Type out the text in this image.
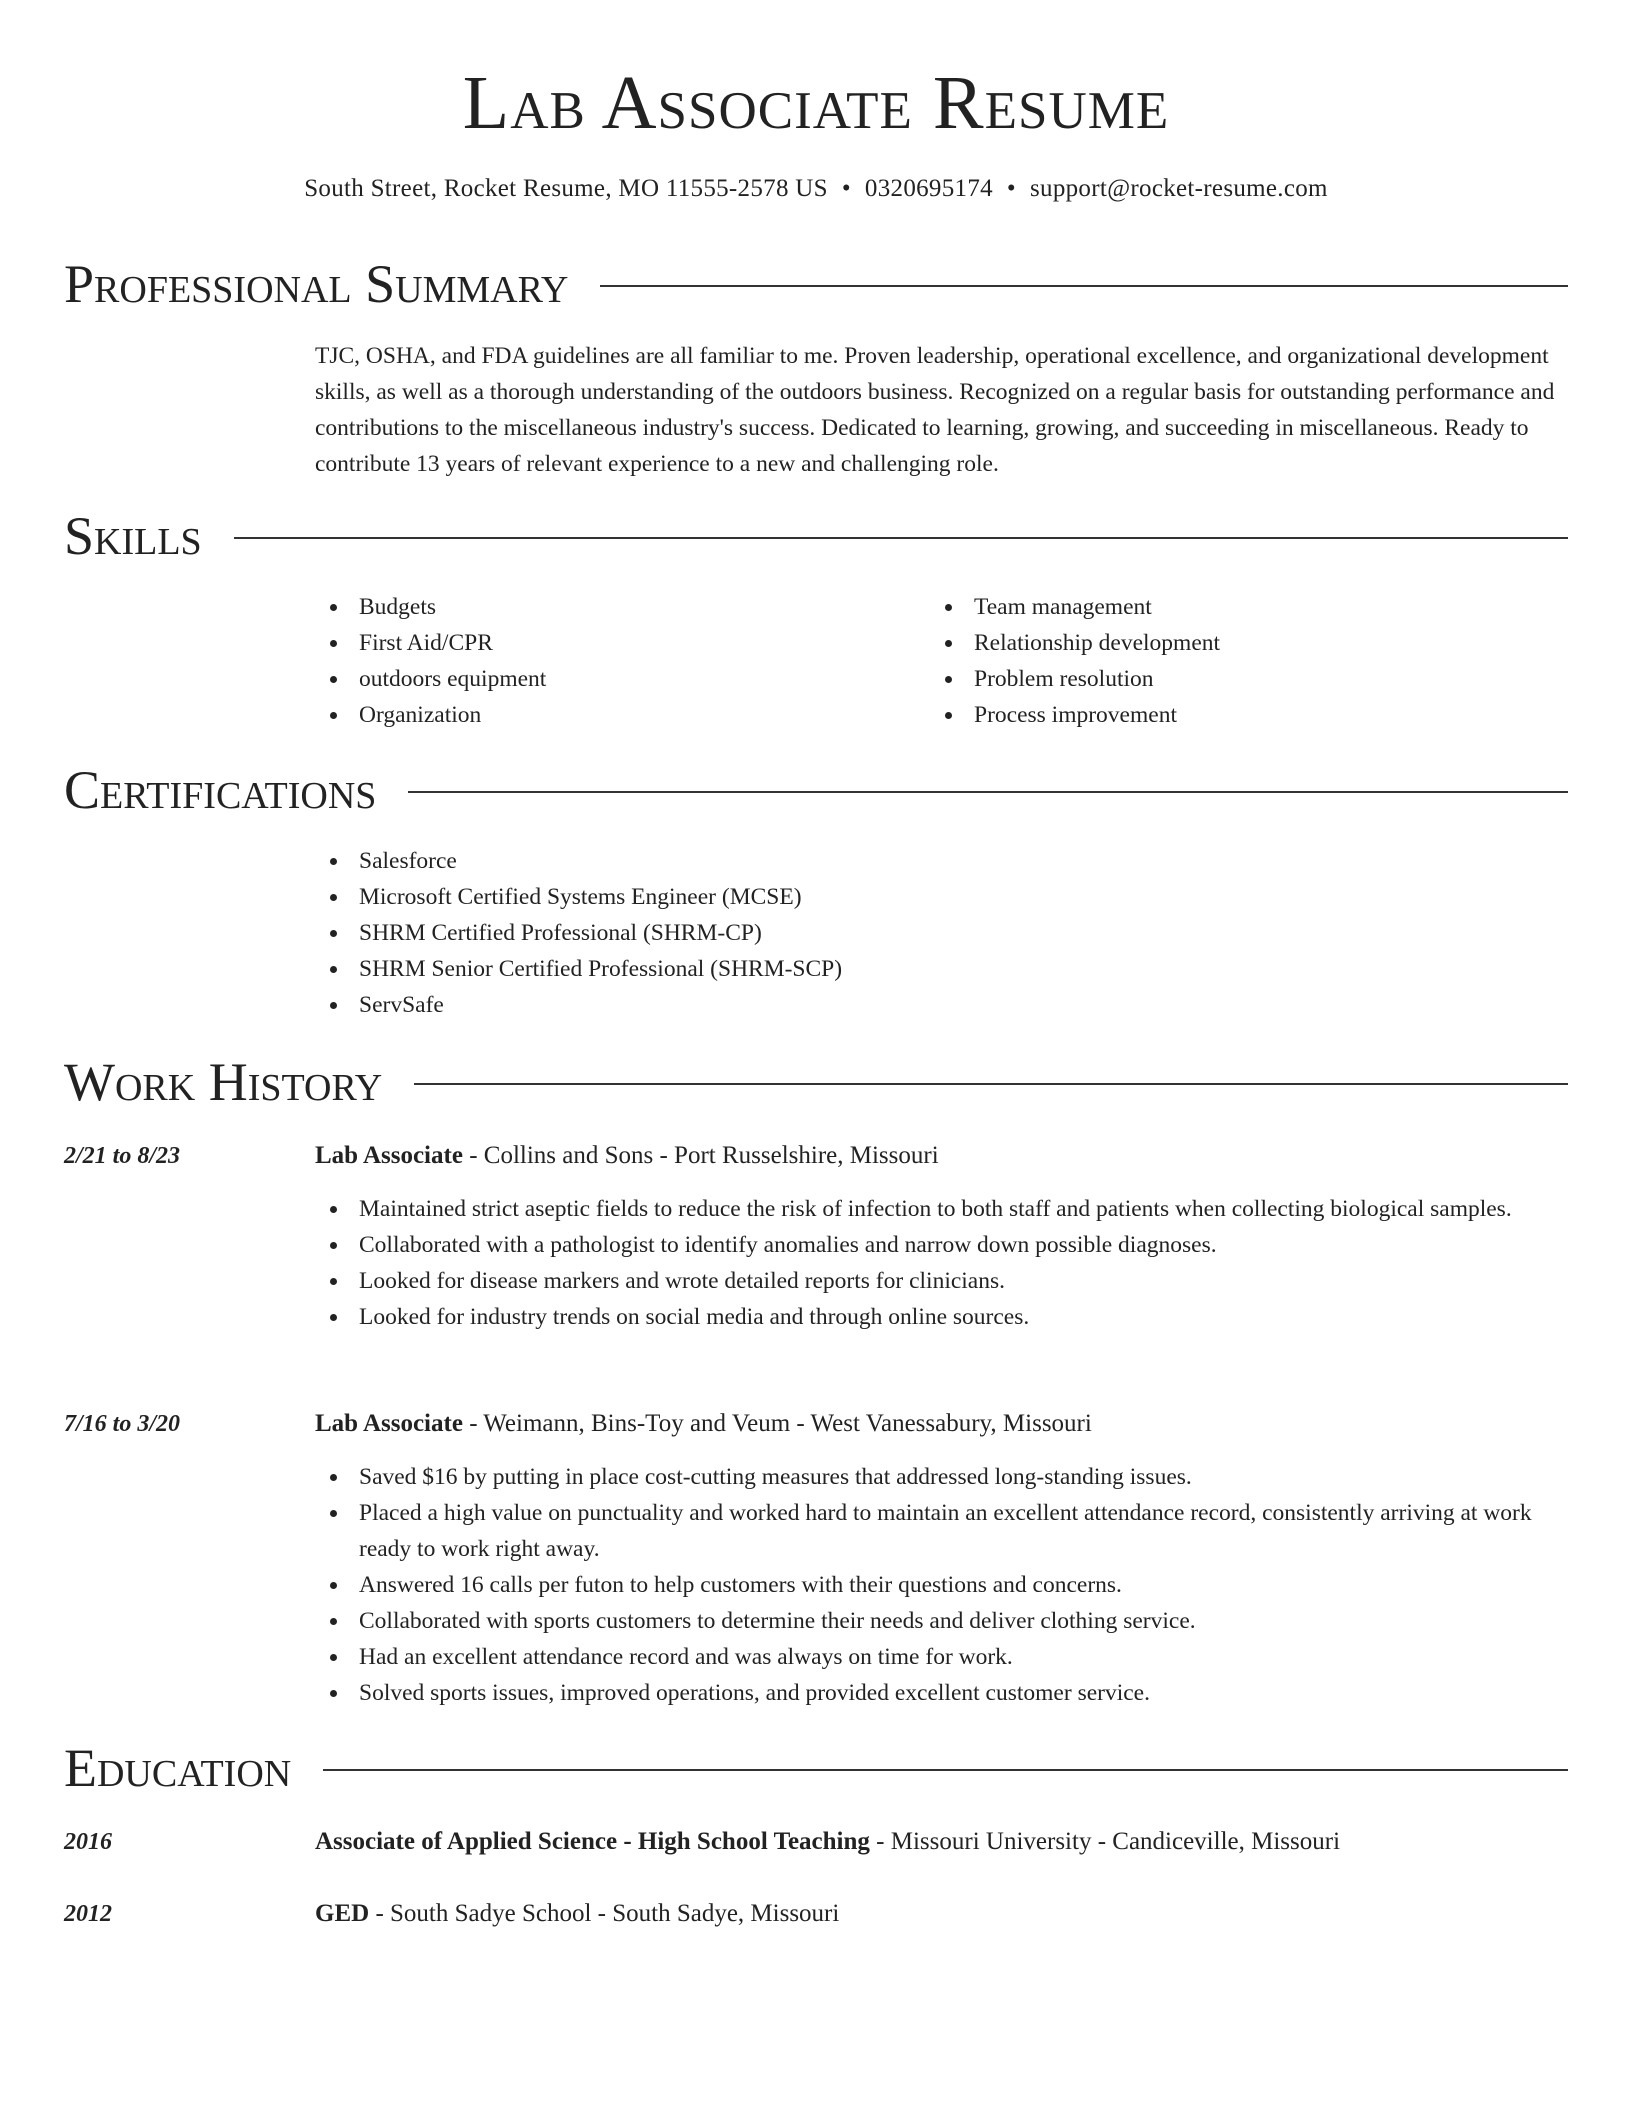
Lab Associate Resume
South Street, Rocket Resume, MO 11555-2578 US • 0320695174 • support@rocket-resume.com
Professional Summary
TJC, OSHA, and FDA guidelines are all familiar to me. Proven leadership, operational excellence, and organizational development skills, as well as a thorough understanding of the outdoors business. Recognized on a regular basis for outstanding performance and contributions to the miscellaneous industry's success. Dedicated to learning, growing, and succeeding in miscellaneous. Ready to contribute 13 years of relevant experience to a new and challenging role.
Skills
Budgets
First Aid/CPR
outdoors equipment
Organization
Team management
Relationship development
Problem resolution
Process improvement
Certifications
Salesforce
Microsoft Certified Systems Engineer (MCSE)
SHRM Certified Professional (SHRM-CP)
SHRM Senior Certified Professional (SHRM-SCP)
ServSafe
Work History
2/21 to 8/23	Lab Associate - Collins and Sons - Port Russelshire, Missouri
Maintained strict aseptic fields to reduce the risk of infection to both staff and patients when collecting biological samples.
Collaborated with a pathologist to identify anomalies and narrow down possible diagnoses.
Looked for disease markers and wrote detailed reports for clinicians.
Looked for industry trends on social media and through online sources.
7/16 to 3/20	Lab Associate - Weimann, Bins-Toy and Veum - West Vanessabury, Missouri
Saved $16 by putting in place cost-cutting measures that addressed long-standing issues.
Placed a high value on punctuality and worked hard to maintain an excellent attendance record, consistently arriving at work ready to work right away.
Answered 16 calls per futon to help customers with their questions and concerns.
Collaborated with sports customers to determine their needs and deliver clothing service.
Had an excellent attendance record and was always on time for work.
Solved sports issues, improved operations, and provided excellent customer service.
Education
2016	Associate of Applied Science - High School Teaching - Missouri University - Candiceville, Missouri
2012	GED - South Sadye School - South Sadye, Missouri
